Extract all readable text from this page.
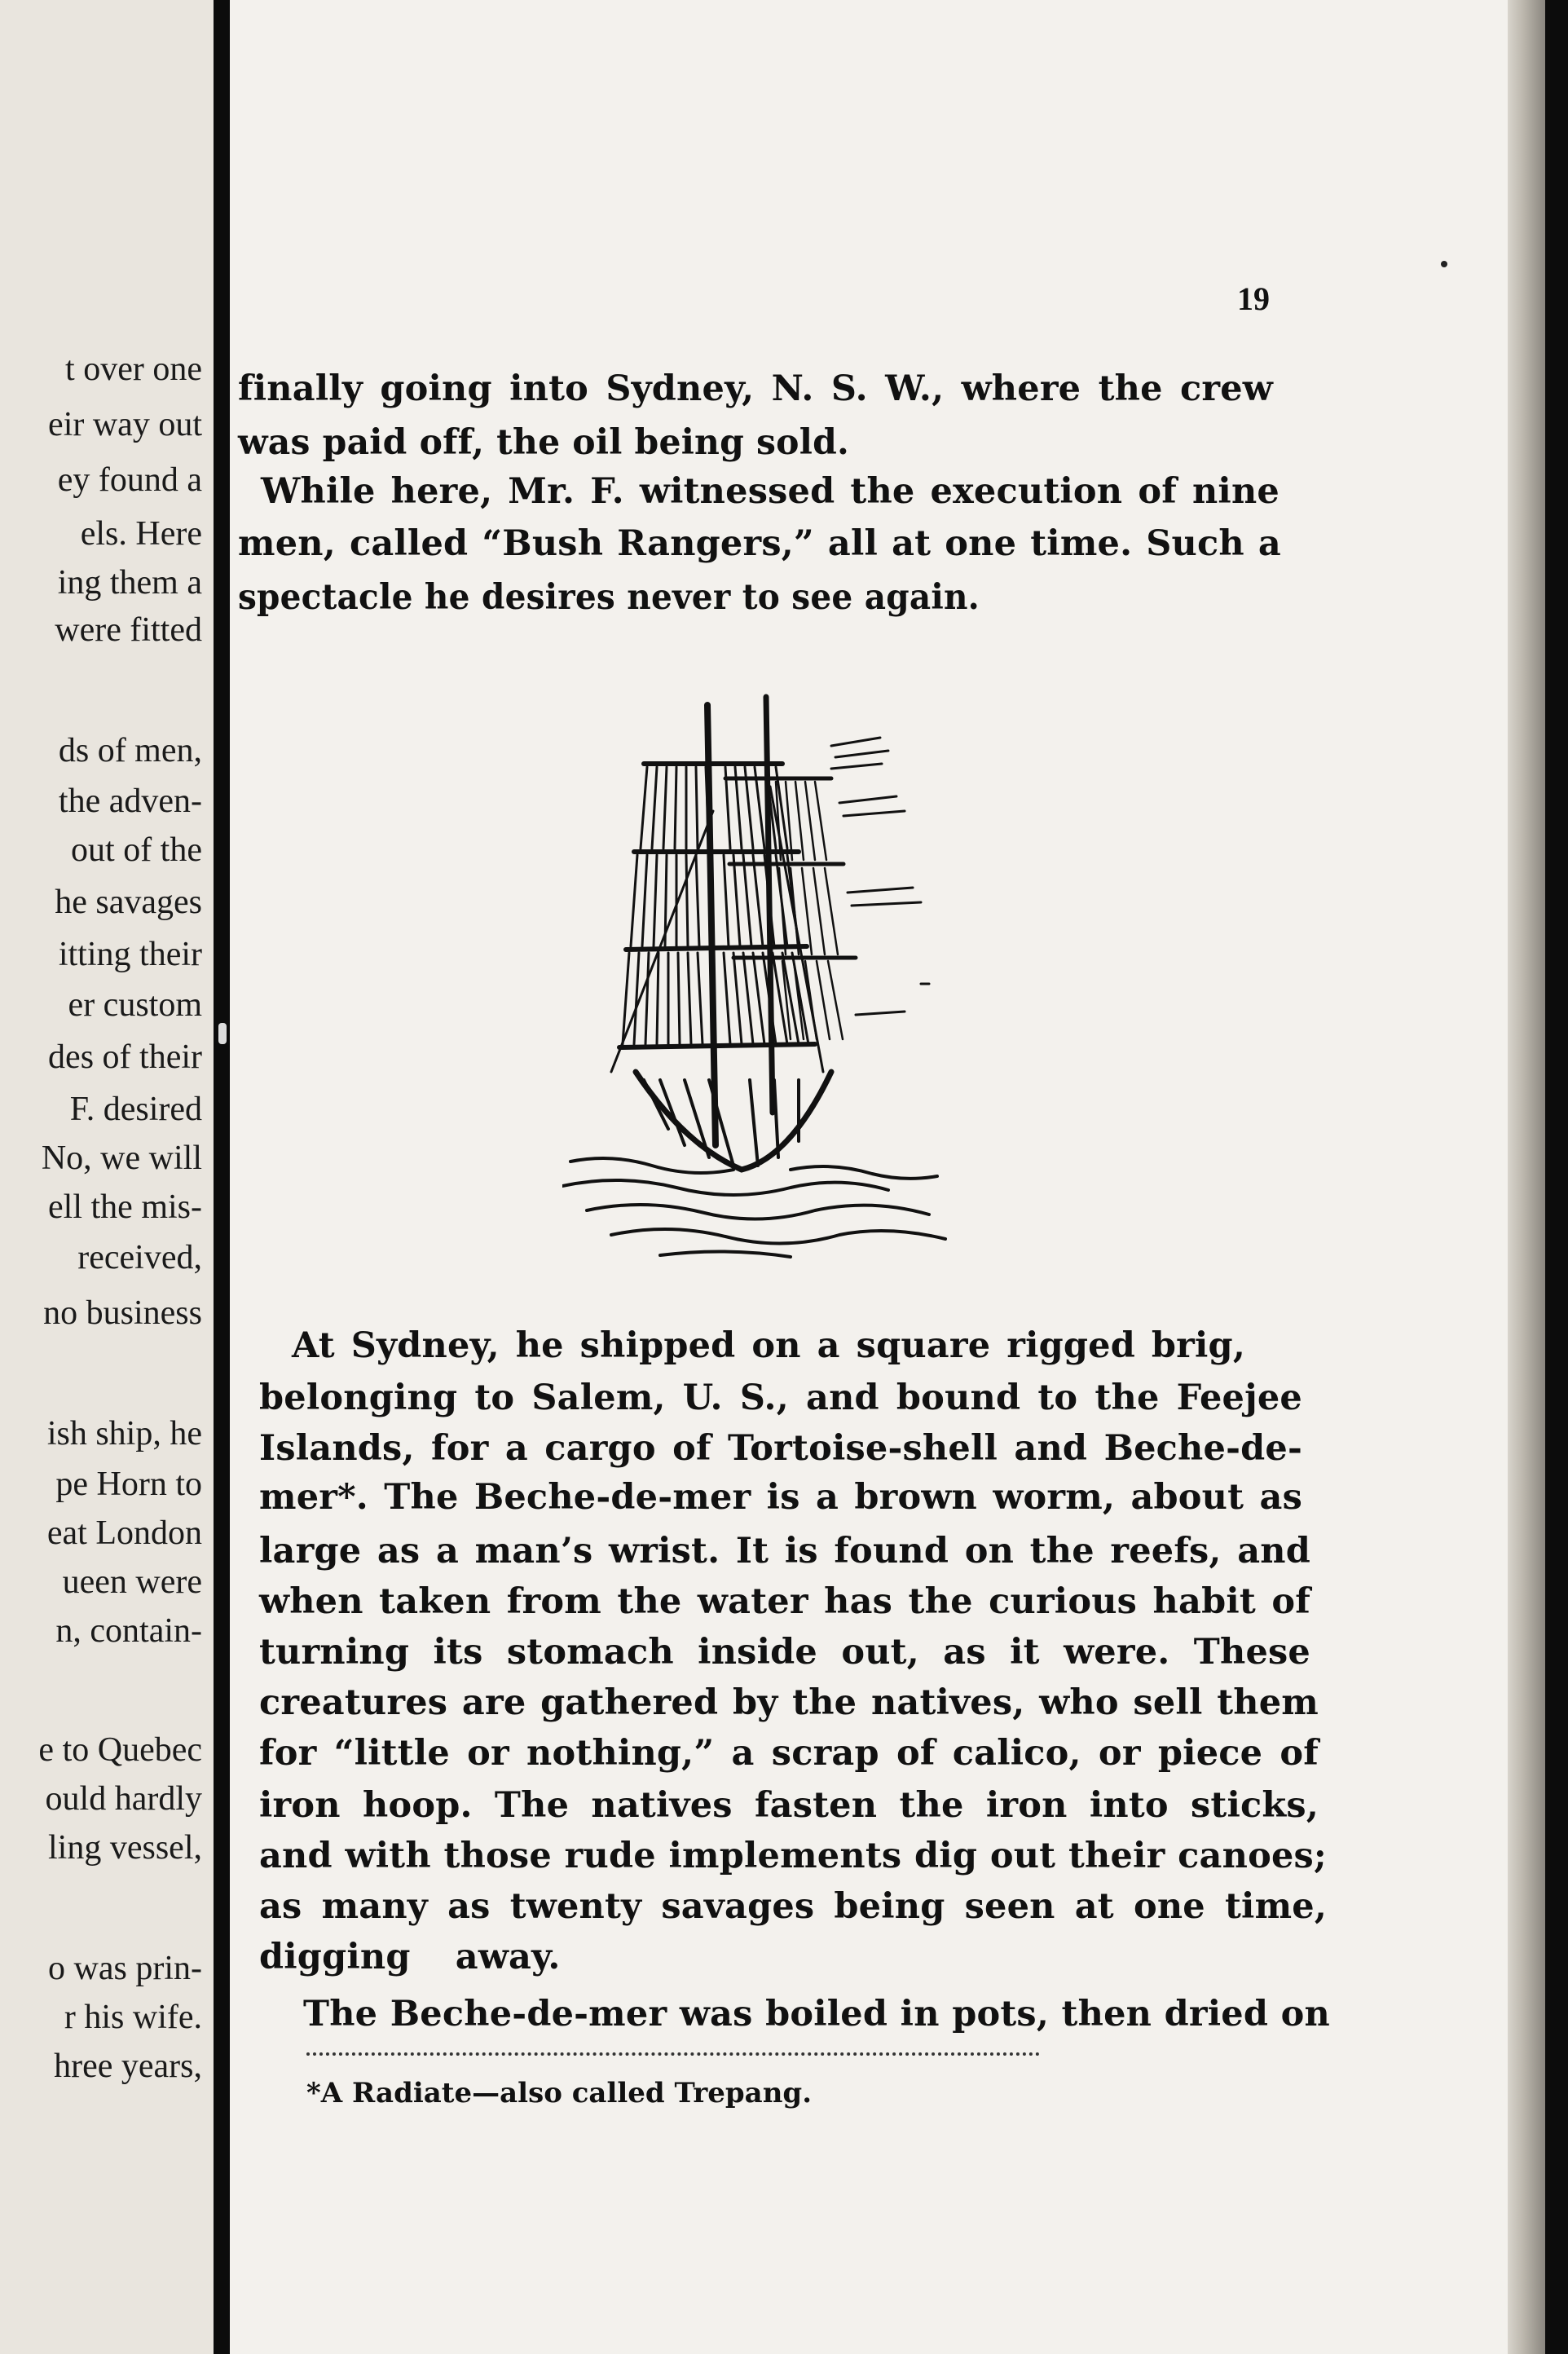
19

*A Radiate—also called Trepang.

t over one
eir way out
ey found a
els. Here
ing them a
were fitted
ds of men,
the adven-
out of the
he savages
itting their
er custom
des of their
F. desired
No, we will
ell the mis-
received,
no business
ish ship, he
pe Horn to
eat London
ueen were
n, contain-
e to Quebec
ould hardly
ling vessel,
o was prin-
r his wife.
hree years,

finally going into Sydney, N. S. W., where the crew

was paid off, the oil being sold.

While here, Mr. F. witnessed the execution of nine

men, called “Bush Rangers,” all at one time. Such a

spectacle he desires never to see again.

At Sydney, he shipped on a square rigged brig,

belonging to Salem, U. S., and bound to the Feejee

Islands, for a cargo of Tortoise-shell and Beche-de-

mer*. The Beche-de-mer is a brown worm, about as

large as a man’s wrist. It is found on the reefs, and

when taken from the water has the curious habit of

turning its stomach inside out, as it were. These

creatures are gathered by the natives, who sell them

for “little or nothing,” a scrap of calico, or piece of

iron hoop. The natives fasten the iron into sticks,

and with those rude implements dig out their canoes;

as many as twenty savages being seen at one time,

digging away.

The Beche-de-mer was boiled in pots, then dried on
